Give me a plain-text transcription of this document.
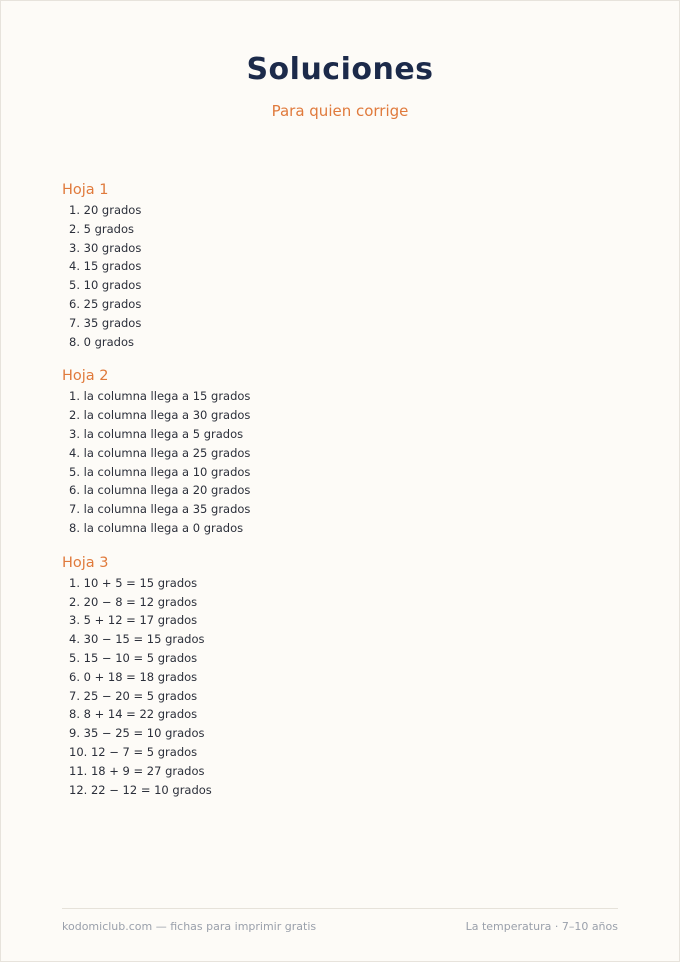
Soluciones
Para quien corrige
Hoja 1
1. 20 grados
2. 5 grados
3. 30 grados
4. 15 grados
5. 10 grados
6. 25 grados
7. 35 grados
8. 0 grados
Hoja 2
1. la columna llega a 15 grados
2. la columna llega a 30 grados
3. la columna llega a 5 grados
4. la columna llega a 25 grados
5. la columna llega a 10 grados
6. la columna llega a 20 grados
7. la columna llega a 35 grados
8. la columna llega a 0 grados
Hoja 3
1. 10 + 5 = 15 grados
2. 20 − 8 = 12 grados
3. 5 + 12 = 17 grados
4. 30 − 15 = 15 grados
5. 15 − 10 = 5 grados
6. 0 + 18 = 18 grados
7. 25 − 20 = 5 grados
8. 8 + 14 = 22 grados
9. 35 − 25 = 10 grados
10. 12 − 7 = 5 grados
11. 18 + 9 = 27 grados
12. 22 − 12 = 10 grados
kodomiclub.com — fichas para imprimir gratis	La temperatura · 7–10 años
